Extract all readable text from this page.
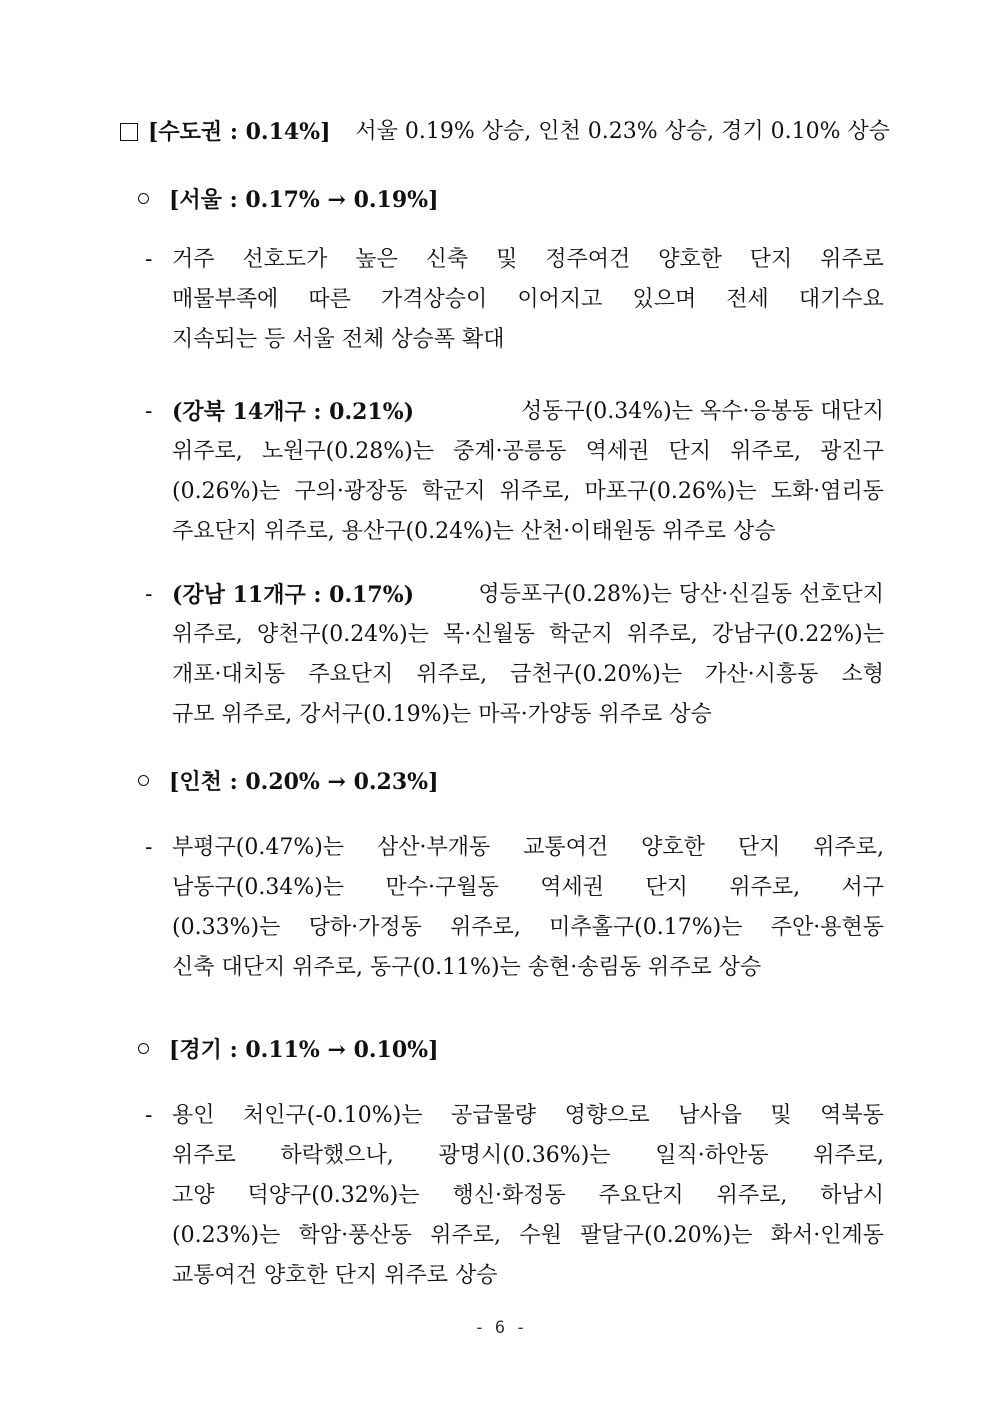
[수도권 : 0.14%] 서울 0.19% 상승, 인천 0.23% 상승, 경기 0.10% 상승
[서울 : 0.17% → 0.19%]
- 거주 선호도가 높은 신축 및 정주여건 양호한 단지 위주로
매물부족에 따른 가격상승이 이어지고 있으며 전세 대기수요
지속되는 등 서울 전체 상승폭 확대
- (강북 14개구 : 0.21%)	성동구(0.34%)는 옥수·응봉동 대단지
위주로, 노원구(0.28%)는 중계·공릉동 역세권 단지 위주로, 광진구
(0.26%)는 구의·광장동 학군지 위주로, 마포구(0.26%)는 도화·염리동
주요단지 위주로, 용산구(0.24%)는 산천·이태원동 위주로 상승
- (강남 11개구 : 0.17%)	영등포구(0.28%)는 당산·신길동 선호단지
위주로, 양천구(0.24%)는 목·신월동 학군지 위주로, 강남구(0.22%)는
개포·대치동 주요단지 위주로, 금천구(0.20%)는 가산·시흥동 소형
규모 위주로, 강서구(0.19%)는 마곡·가양동 위주로 상승
[인천 : 0.20% → 0.23%]
- 부평구(0.47%)는 삼산·부개동 교통여건 양호한 단지 위주로,
남동구(0.34%)는 만수·구월동 역세권 단지 위주로, 서구
(0.33%)는 당하·가정동 위주로, 미추홀구(0.17%)는 주안·용현동
신축 대단지 위주로, 동구(0.11%)는 송현·송림동 위주로 상승
[경기 : 0.11% → 0.10%]
- 용인 처인구(-0.10%)는 공급물량 영향으로 남사읍 및 역북동
위주로 하락했으나, 광명시(0.36%)는 일직·하안동 위주로,
고양 덕양구(0.32%)는 행신·화정동 주요단지 위주로, 하남시
(0.23%)는 학암·풍산동 위주로, 수원 팔달구(0.20%)는 화서·인계동
교통여건 양호한 단지 위주로 상승
- 6 -
